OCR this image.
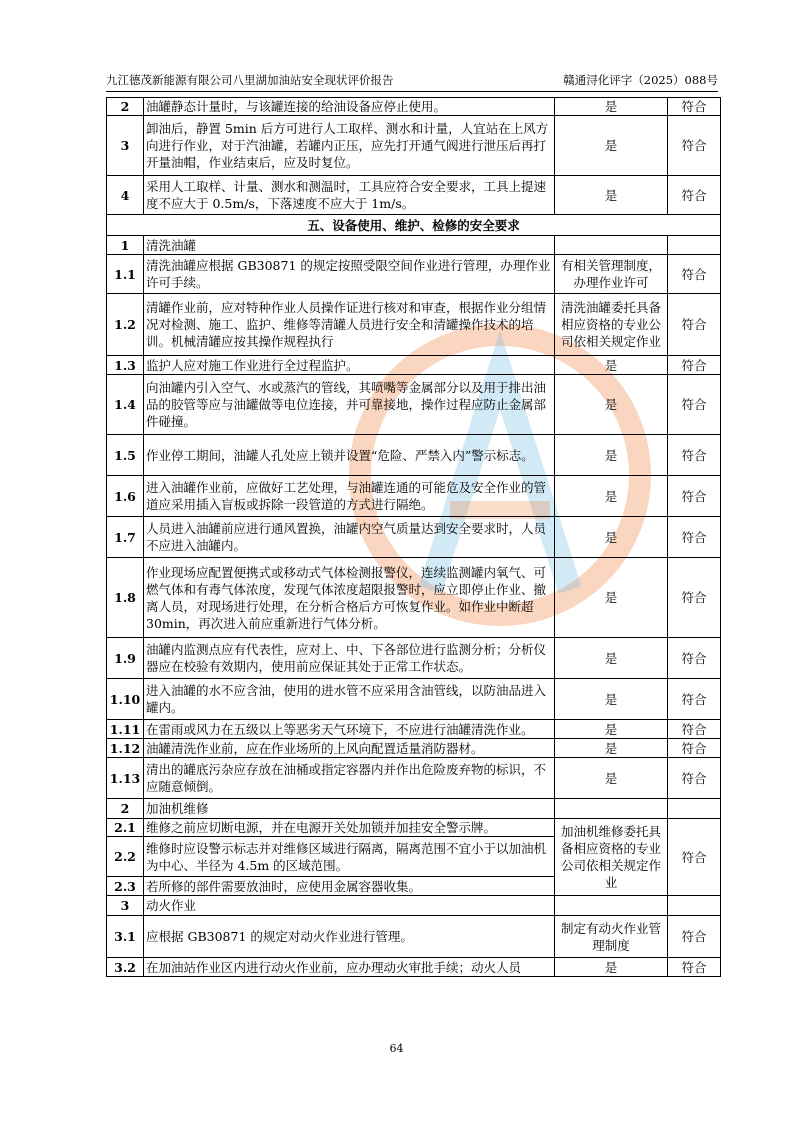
九江德茂新能源有限公司八里湖加油站安全现状评价报告	赣通浔化评字（2025）088号
2	油罐静态计量时，与该罐连接的给油设备应停止使用。	是	符合
3	卸油后，静置 5min 后方可进行人工取样、测水和计量，人宜站在上风方向进行作业，对于汽油罐，若罐内正压，应先打开通气阀进行泄压后再打开量油帽，作业结束后，应及时复位。	是	符合
4	采用人工取样、计量、测水和测温时，工具应符合安全要求，工具上提速度不应大于 0.5m/s，下落速度不应大于 1m/s。	是	符合
五、设备使用、维护、检修的安全要求			
1	清洗油罐		
1.1	清洗油罐应根据 GB30871 的规定按照受限空间作业进行管理，办理作业许可手续。	有相关管理制度，办理作业许可	符合
1.2	清罐作业前，应对特种作业人员操作证进行核对和审查，根据作业分组情况对检测、施工、监护、维修等清罐人员进行安全和清罐操作技术的培训。机械清罐应按其操作规程执行	清洗油罐委托具备相应资格的专业公司依相关规定作业	符合
1.3	监护人应对施工作业进行全过程监护。	是	符合
1.4	向油罐内引入空气、水或蒸汽的管线，其喷嘴等金属部分以及用于排出油品的胶管等应与油罐做等电位连接，并可靠接地，操作过程应防止金属部件碰撞。	是	符合
1.5	作业停工期间，油罐人孔处应上锁并设置“危险、严禁入内”警示标志。	是	符合
1.6	进入油罐作业前，应做好工艺处理，与油罐连通的可能危及安全作业的管道应采用插入盲板或拆除一段管道的方式进行隔绝。	是	符合
1.7	人员进入油罐前应进行通风置换，油罐内空气质量达到安全要求时，人员不应进入油罐内。	是	符合
1.8	作业现场应配置便携式或移动式气体检测报警仪，连续监测罐内氧气、可燃气体和有毒气体浓度，发现气体浓度超限报警时，应立即停止作业、撤离人员，对现场进行处理，在分析合格后方可恢复作业。如作业中断超 30min，再次进入前应重新进行气体分析。	是	符合
1.9	油罐内监测点应有代表性，应对上、中、下各部位进行监测分析；分析仪器应在校验有效期内，使用前应保证其处于正常工作状态。	是	符合
1.10	进入油罐的水不应含油，使用的进水管不应采用含油管线，以防油品进入罐内。	是	符合
1.11	在雷雨或风力在五级以上等恶劣天气环境下，不应进行油罐清洗作业。	是	符合
1.12	油罐清洗作业前，应在作业场所的上风向配置适量消防器材。	是	符合
1.13	清出的罐底污杂应存放在油桶或指定容器内并作出危险废弃物的标识，不应随意倾倒。	是	符合
2	加油机维修		
2.1	维修之前应切断电源，并在电源开关处加锁并加挂安全警示牌。	加油机维修委托具备相应资格的专业公司依相关规定作业	符合
2.2	维修时应设警示标志并对维修区域进行隔离，隔离范围不宜小于以加油机为中心、半径为 4.5m 的区域范围。		
2.3	若所修的部件需要放油时，应使用金属容器收集。		
3	动火作业		
3.1	应根据 GB30871 的规定对动火作业进行管理。	制定有动火作业管理制度	符合
3.2	在加油站作业区内进行动火作业前，应办理动火审批手续；动火人员	是	符合
64
